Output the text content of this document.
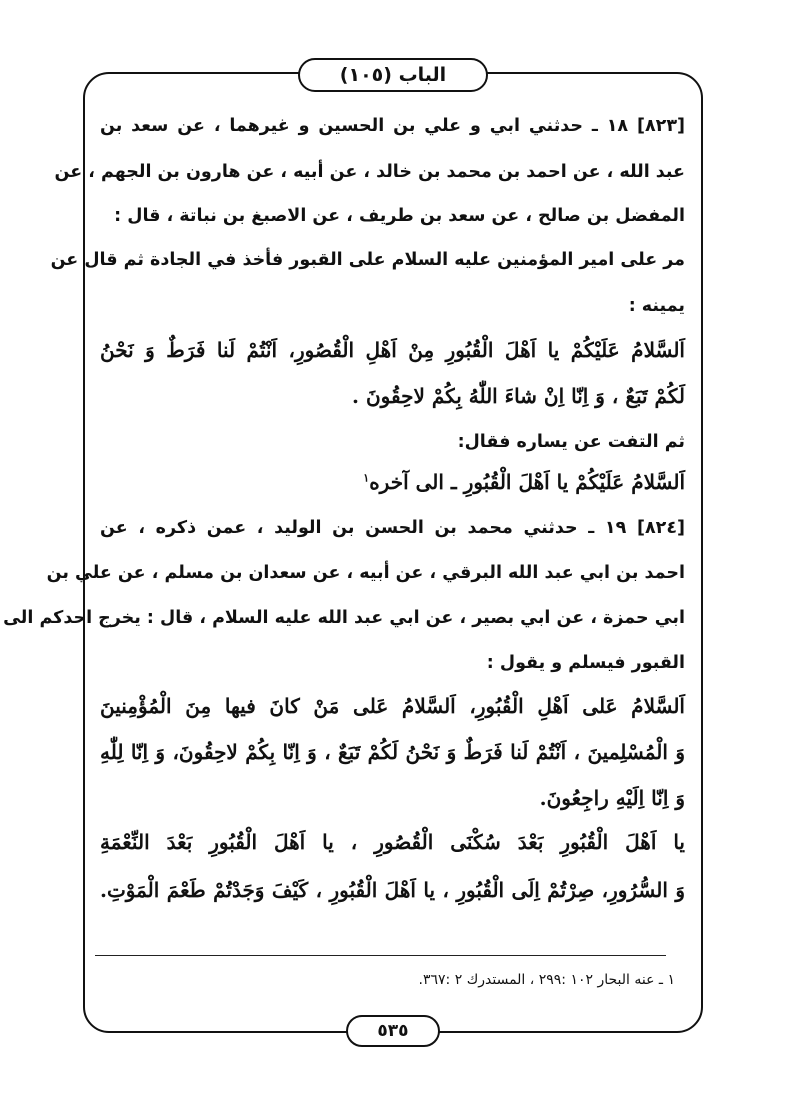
الباب (١٠٥)
[٨٢٣] ١٨ ـ حدثني ابي و علي بن الحسين و غيرهما ، عن سعد بن
عبد الله ، عن احمد بن محمد بن خالد ، عن أبيه ، عن هارون بن الجهم ، عن
المفضل بن صالح ، عن سعد بن طريف ، عن الاصبغ بن نباتة ، قال :
مر على امير المؤمنين عليه السلام على القبور فأخذ في الجادة ثم قال عن
يمينه :
اَلسَّلامُ عَلَيْكُمْ يا اَهْلَ الْقُبُورِ مِنْ اَهْلِ الْقُصُورِ، اَنْتُمْ لَنا فَرَطٌ وَ نَحْنُ
لَكُمْ تَبَعٌ ، وَ اِنّا اِنْ شاءَ اللّٰهُ بِكُمْ لاحِقُونَ .
ثم التفت عن يساره فقال:
اَلسَّلامُ عَلَيْكُمْ يا اَهْلَ الْقُبُورِ ـ الى آخره$^١$
[٨٢٤] ١٩ ـ حدثني محمد بن الحسن بن الوليد ، عمن ذكره ، عن
احمد بن ابي عبد الله البرقي ، عن أبيه ، عن سعدان بن مسلم ، عن علي بن
ابي حمزة ، عن ابي بصير ، عن ابي عبد الله عليه السلام ، قال : يخرج احدكم الى
القبور فيسلم و يقول :
اَلسَّلامُ عَلى اَهْلِ الْقُبُورِ، اَلسَّلامُ عَلى مَنْ كانَ فيها مِنَ الْمُؤْمِنينَ
وَ الْمُسْلِمينَ ، اَنْتُمْ لَنا فَرَطٌ وَ نَحْنُ لَكُمْ تَبَعٌ ، وَ اِنّا بِكُمْ لاحِقُونَ، وَ اِنّا لِلّٰهِ
وَ اِنّا اِلَيْهِ راجِعُونَ.
يا اَهْلَ الْقُبُورِ بَعْدَ سُكْنَى الْقُصُورِ ، يا اَهْلَ الْقُبُورِ بَعْدَ النِّعْمَةِ
وَ السُّرُورِ، صِرْتُمْ اِلَى الْقُبُورِ ، يا اَهْلَ الْقُبُورِ ، كَيْفَ وَجَدْتُمْ طَعْمَ الْمَوْتِ.
١ ـ عنه البحار ١٠٢ :٢٩٩ ، المستدرك ٢ :٣٦٧.
٥٣٥
